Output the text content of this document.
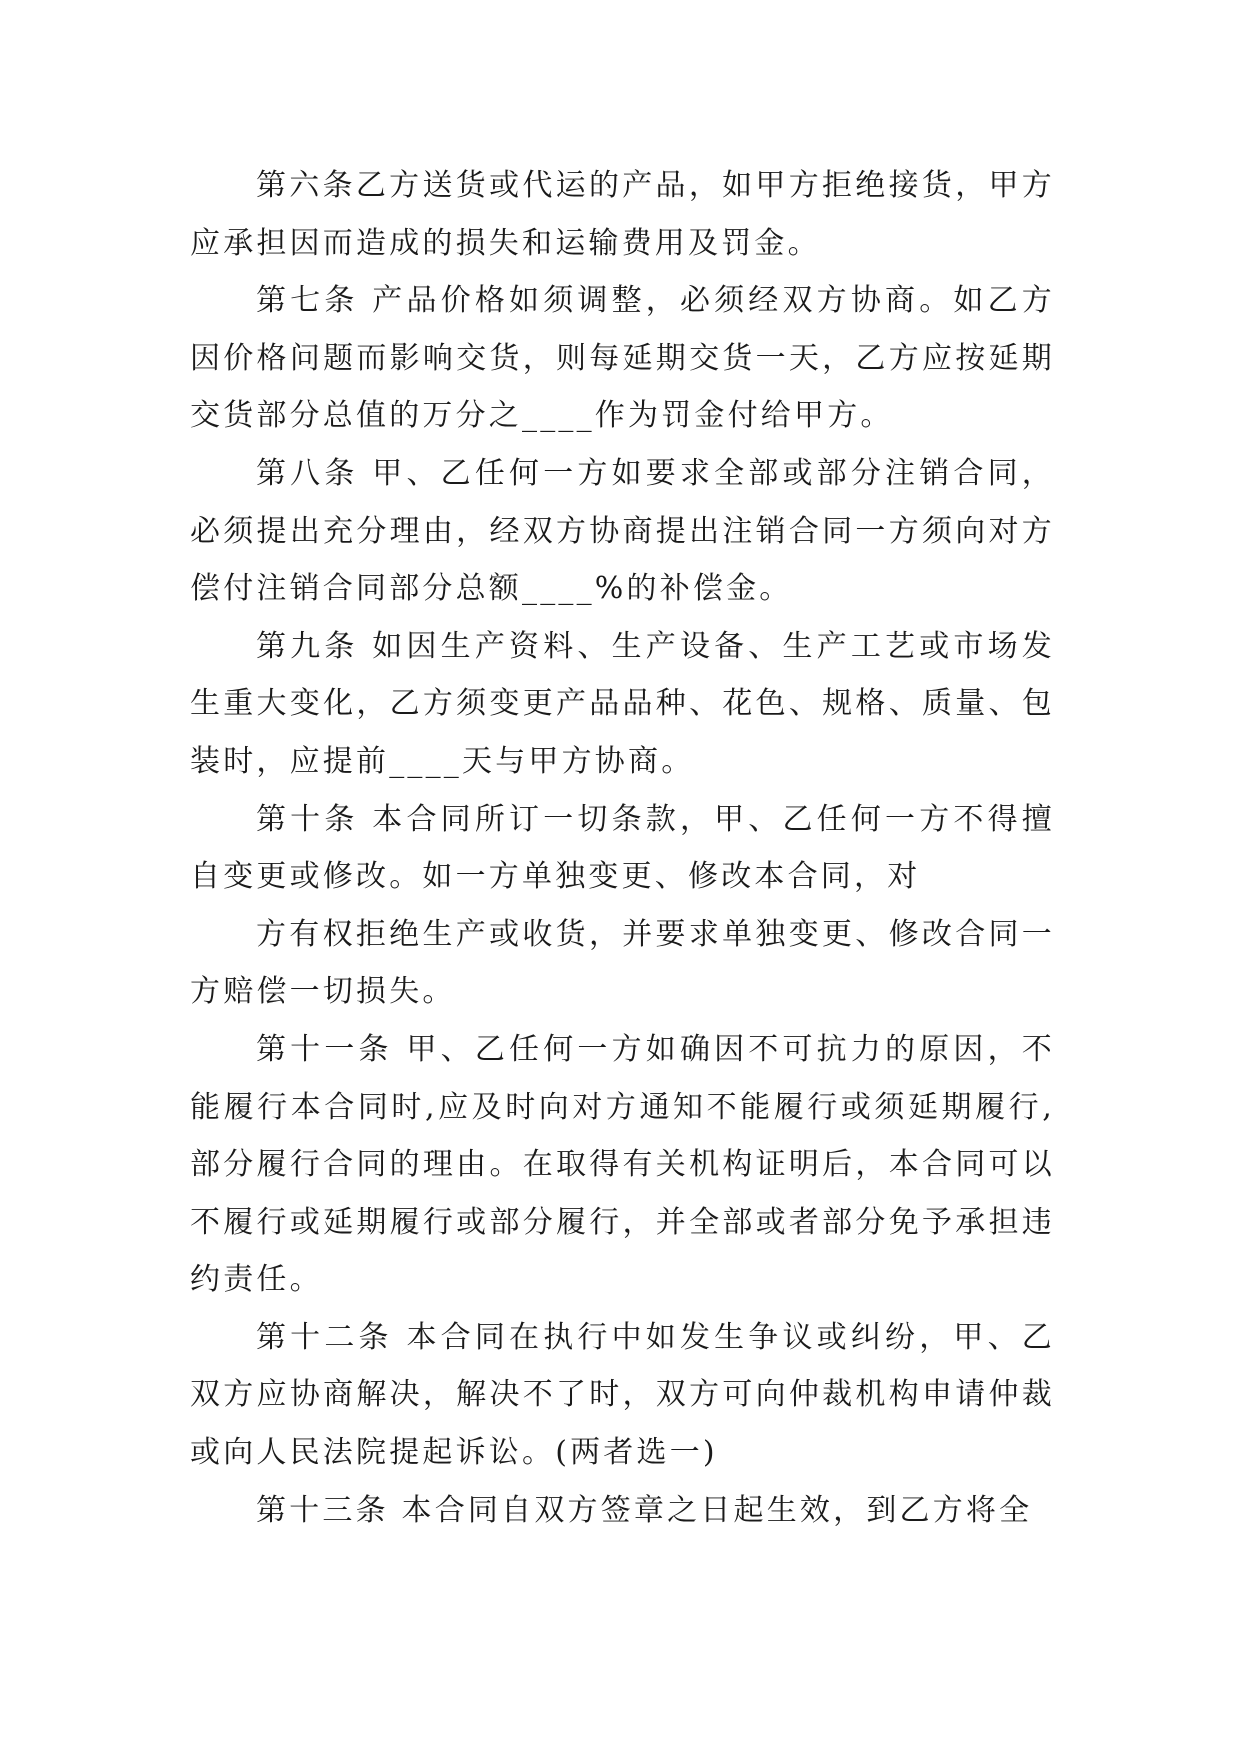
第六条乙方送货或代运的产品，如甲方拒绝接货，甲方应承担因而造成的损失和运输费用及罚金。

第七条 产品价格如须调整，必须经双方协商。如乙方因价格问题而影响交货，则每延期交货一天，乙方应按延期交货部分总值的万分之____作为罚金付给甲方。

第八条 甲、乙任何一方如要求全部或部分注销合同，必须提出充分理由，经双方协商提出注销合同一方须向对方偿付注销合同部分总额____%的补偿金。

第九条 如因生产资料、生产设备、生产工艺或市场发生重大变化，乙方须变更产品品种、花色、规格、质量、包装时，应提前____天与甲方协商。

第十条 本合同所订一切条款，甲、乙任何一方不得擅自变更或修改。如一方单独变更、修改本合同，对

方有权拒绝生产或收货，并要求单独变更、修改合同一方赔偿一切损失。

第十一条 甲、乙任何一方如确因不可抗力的原因，不能履行本合同时,应及时向对方通知不能履行或须延期履行,部分履行合同的理由。在取得有关机构证明后，本合同可以不履行或延期履行或部分履行，并全部或者部分免予承担违约责任。

第十二条 本合同在执行中如发生争议或纠纷，甲、乙双方应协商解决，解决不了时，双方可向仲裁机构申请仲裁或向人民法院提起诉讼。(两者选一)

第十三条 本合同自双方签章之日起生效，到乙方将全
